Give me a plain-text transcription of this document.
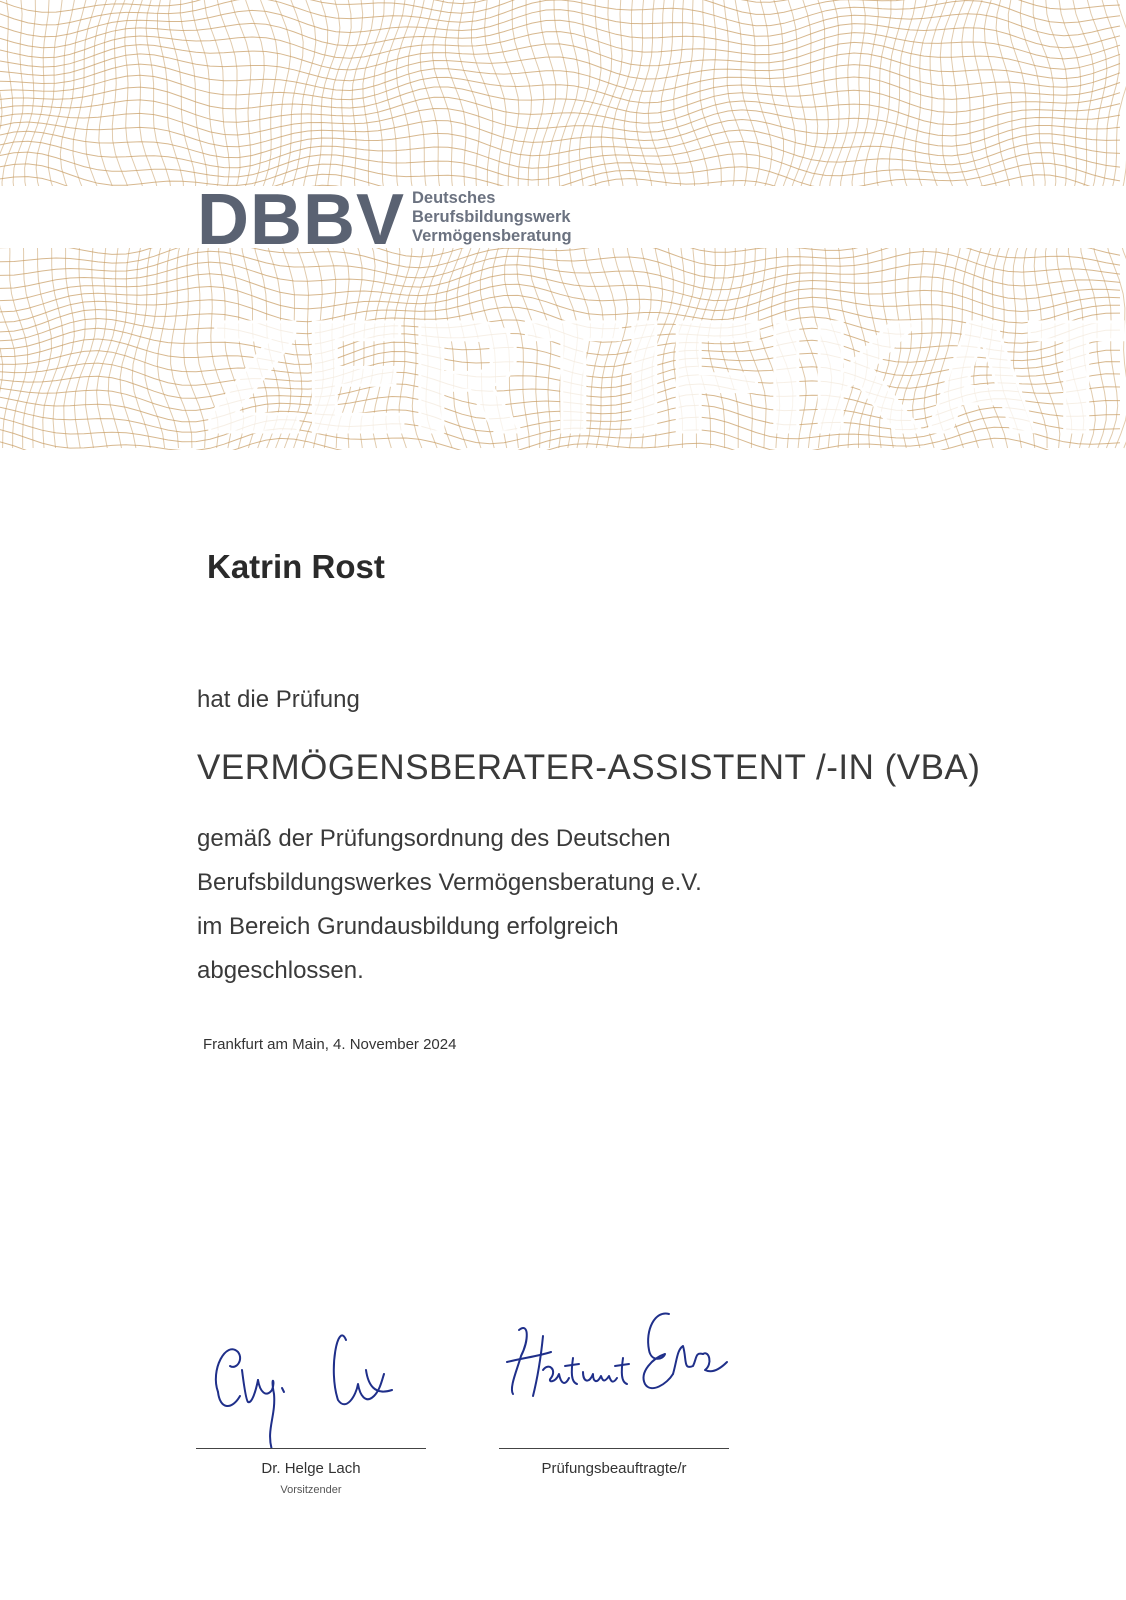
ZERTIFIKAT
DBBV Deutsches
Berufsbildungswerk
Vermögensberatung
Katrin Rost
hat die Prüfung
VERMÖGENSBERATER-ASSISTENT /-IN (VBA)
gemäß der Prüfungsordnung des Deutschen
Berufsbildungswerkes Vermögensberatung e.V.
im Bereich Grundausbildung erfolgreich
abgeschlossen.
Frankfurt am Main, 4. November 2024
Dr. Helge Lach
Vorsitzender
Prüfungsbeauftragte/r
